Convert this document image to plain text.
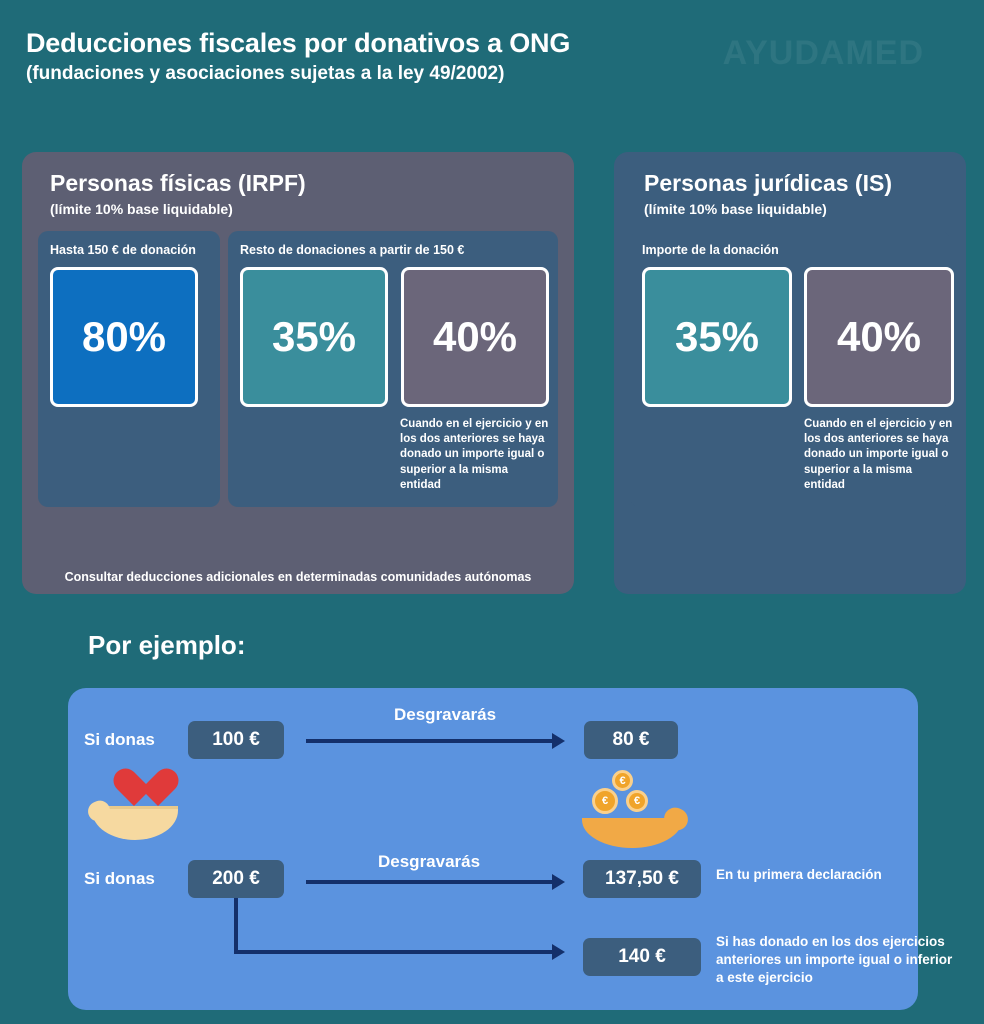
Deducciones fiscales por donativos a ONG
(fundaciones y asociaciones sujetas a la ley 49/2002)
AYUDAMED
Personas físicas (IRPF)
(límite 10% base liquidable)
Hasta 150 € de donación
80%
Resto de donaciones a partir de 150 €
35%	40%
Cuando en el ejercicio y en los dos anteriores se haya donado un importe igual o superior a la misma entidad
Consultar deducciones adicionales en determinadas comunidades autónomas
Personas jurídicas (IS)
(límite 10% base liquidable)
Importe de la donación
35%	40%
Cuando en el ejercicio y en los dos anteriores se haya donado un importe igual o superior a la misma entidad
Por ejemplo:
Si donas	100 €
Desgravarás
80 €
€
€	€
Si donas	200 €
Desgravarás
137,50 €	En tu primera declaración
140 €
Si has donado en los dos ejercicios anteriores un importe igual o inferior a este ejercicio
